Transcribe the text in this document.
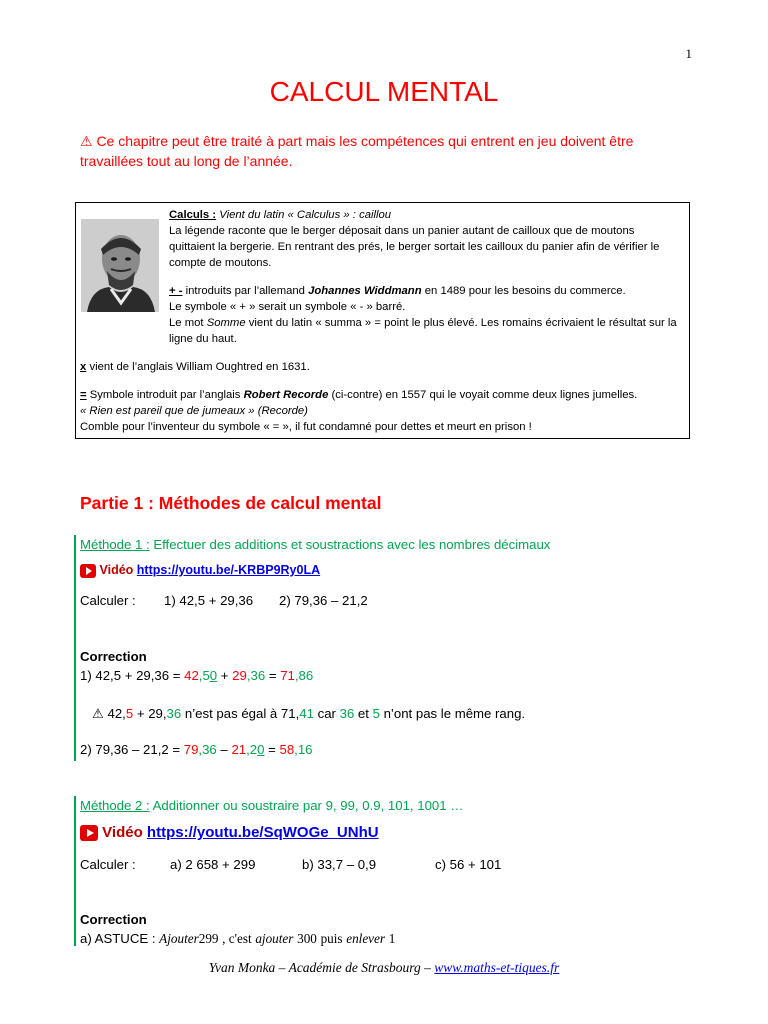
1
CALCUL MENTAL
⚠ Ce chapitre peut être traité à part mais les compétences qui entrent en jeu doivent être travaillées tout au long de l’année.
Calculs : Vient du latin « Calculus » : caillou
La légende raconte que le berger déposait dans un panier autant de cailloux que de moutons
quittaient la bergerie. En rentrant des prés, le berger sortait les cailloux du panier afin de vérifier le
compte de moutons.
+ - introduits par l’allemand Johannes Widdmann en 1489 pour les besoins du commerce.
Le symbole « + » serait un symbole « - » barré.
Le mot Somme vient du latin « summa » = point le plus élevé. Les romains écrivaient le résultat sur la
ligne du haut.
x vient de l’anglais William Oughtred en 1631.
= Symbole introduit par l’anglais Robert Recorde (ci-contre) en 1557 qui le voyait comme deux lignes jumelles.
« Rien est pareil que de jumeaux » (Recorde)
Comble pour l’inventeur du symbole « = », il fut condamné pour dettes et meurt en prison !
Partie 1 : Méthodes de calcul mental
Méthode 1 : Effectuer des additions et soustractions avec les nombres décimaux
Vidéo https://youtu.be/-KRBP9Ry0LA
Calculer : 1) 42,5 + 29,36 2) 79,36 – 21,2
Correction
1) 42,5 + 29,36 = 42,50 + 29,36 = 71,86
⚠ 42,5 + 29,36 n’est pas égal à 71,41 car 36 et 5 n’ont pas le même rang.
2) 79,36 – 21,2 = 79,36 – 21,20 = 58,16
Méthode 2 : Additionner ou soustraire par 9, 99, 0.9, 101, 1001 …
Vidéo https://youtu.be/SqWOGe_UNhU
Calculer :	a) 2 658 + 299	b) 33,7 – 0,9	c) 56 + 101
Correction
a) ASTUCE : Ajouter299 , c'est ajouter 300 puis enlever 1
Yvan Monka – Académie de Strasbourg – www.maths-et-tiques.fr
